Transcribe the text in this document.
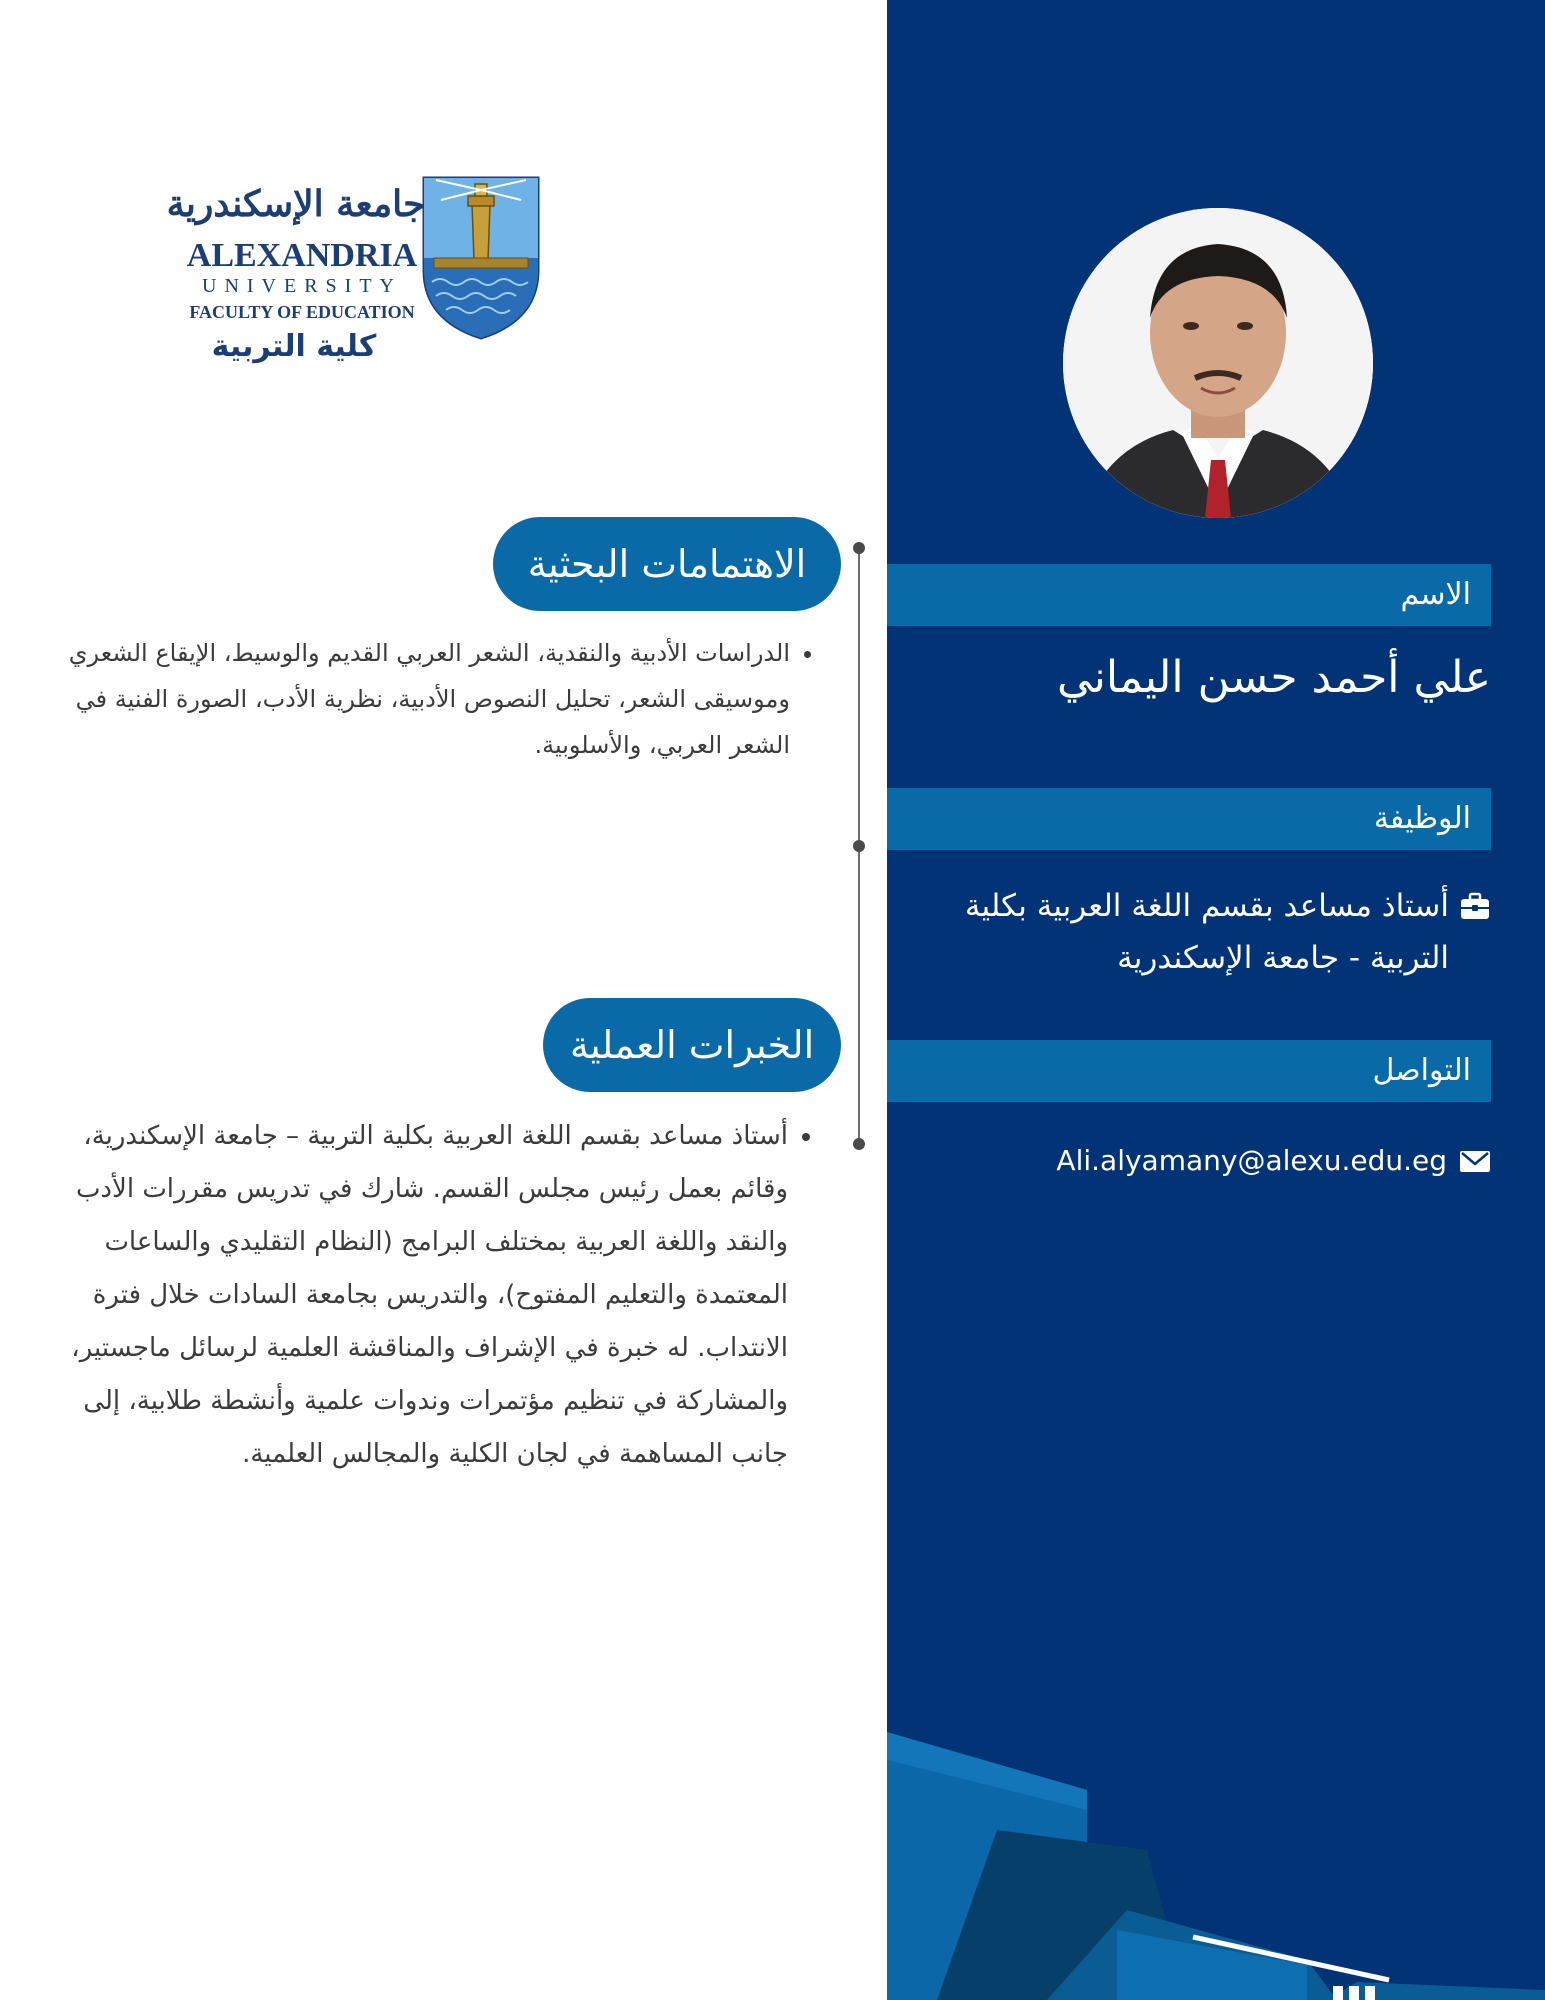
جامعة الإسكندرية
ALEXANDRIA
UNIVERSITY
FACULTY OF EDUCATION
كلية التربية
الاهتمامات البحثية
• الدراسات الأدبية والنقدية، الشعر العربي القديم والوسيط، الإيقاع الشعري وموسيقى الشعر، تحليل النصوص الأدبية، نظرية الأدب، الصورة الفنية في الشعر العربي، والأسلوبية.
الخبرات العملية
• أستاذ مساعد بقسم اللغة العربية بكلية التربية – جامعة الإسكندرية، وقائم بعمل رئيس مجلس القسم. شارك في تدريس مقررات الأدب والنقد واللغة العربية بمختلف البرامج (النظام التقليدي والساعات المعتمدة والتعليم المفتوح)، والتدريس بجامعة السادات خلال فترة الانتداب. له خبرة في الإشراف والمناقشة العلمية لرسائل ماجستير، والمشاركة في تنظيم مؤتمرات وندوات علمية وأنشطة طلابية، إلى جانب المساهمة في لجان الكلية والمجالس العلمية.
الاسم
علي أحمد حسن اليماني
الوظيفة
أستاذ مساعد بقسم اللغة العربية بكلية التربية - جامعة الإسكندرية
التواصل
Ali.alyamany@alexu.edu.eg
